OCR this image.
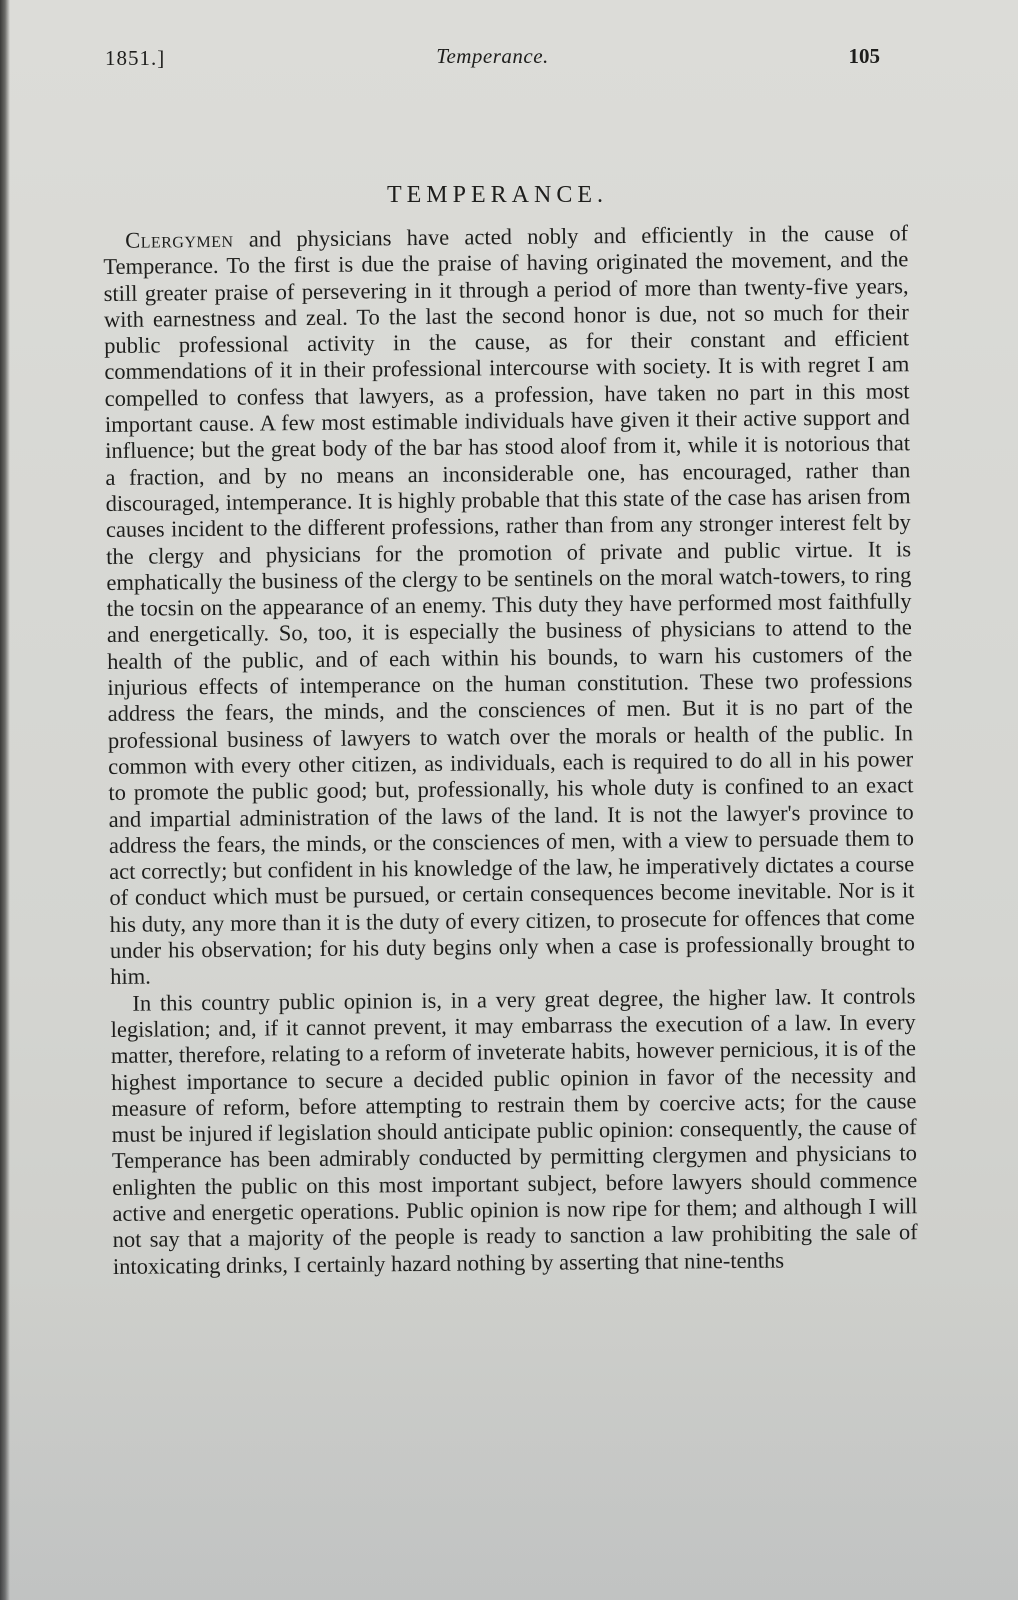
1851.]	Temperance.	105
TEMPERANCE.

Clergymen and physicians have acted nobly and efficiently in the cause of Temperance. To the first is due the praise of having originated the movement, and the still greater praise of persevering in it through a period of more than twenty-five years, with earnestness and zeal. To the last the second honor is due, not so much for their public professional activity in the cause, as for their constant and efficient commendations of it in their professional intercourse with society. It is with regret I am compelled to confess that lawyers, as a profession, have taken no part in this most important cause. A few most estimable individuals have given it their active support and influence; but the great body of the bar has stood aloof from it, while it is notorious that a fraction, and by no means an inconsiderable one, has encouraged, rather than discouraged, intemperance. It is highly probable that this state of the case has arisen from causes incident to the different professions, rather than from any stronger interest felt by the clergy and physicians for the promotion of private and public virtue. It is emphatically the business of the clergy to be sentinels on the moral watch-towers, to ring the tocsin on the appearance of an enemy. This duty they have performed most faithfully and energetically. So, too, it is especially the business of physicians to attend to the health of the public, and of each within his bounds, to warn his customers of the injurious effects of intemperance on the human constitution. These two professions address the fears, the minds, and the consciences of men. But it is no part of the professional business of lawyers to watch over the morals or health of the public. In common with every other citizen, as individuals, each is required to do all in his power to promote the public good; but, professionally, his whole duty is confined to an exact and impartial administration of the laws of the land. It is not the lawyer's province to address the fears, the minds, or the consciences of men, with a view to persuade them to act correctly; but confident in his knowledge of the law, he imperatively dictates a course of conduct which must be pursued, or certain consequences become inevitable. Nor is it his duty, any more than it is the duty of every citizen, to prosecute for offences that come under his observation; for his duty begins only when a case is professionally brought to him.

In this country public opinion is, in a very great degree, the higher law. It controls legislation; and, if it cannot prevent, it may embarrass the execution of a law. In every matter, therefore, relating to a reform of inveterate habits, however pernicious, it is of the highest importance to secure a decided public opinion in favor of the necessity and measure of reform, before attempting to restrain them by coercive acts; for the cause must be injured if legislation should anticipate public opinion: consequently, the cause of Temperance has been admirably conducted by permitting clergymen and physicians to enlighten the public on this most important subject, before lawyers should commence active and energetic operations. Public opinion is now ripe for them; and although I will not say that a majority of the people is ready to sanction a law prohibiting the sale of intoxicating drinks, I certainly hazard nothing by asserting that nine-tenths
